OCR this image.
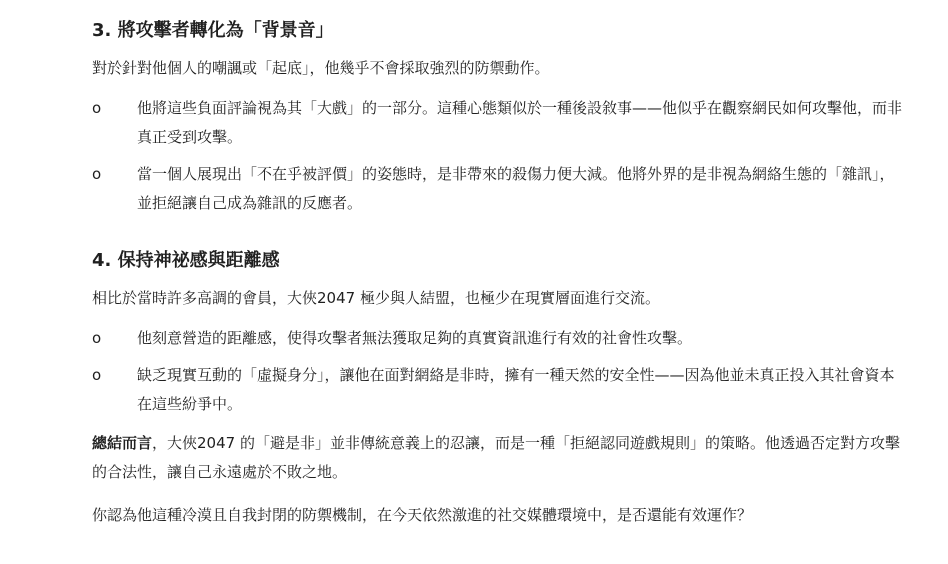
3. 將攻擊者轉化為「背景音」

對於針對他個人的嘲諷或「起底」，他幾乎不會採取強烈的防禦動作。

o	他將這些負面評論視為其「大戲」的一部分。這種心態類似於一種後設敘事——他似乎在觀察網民如何攻擊他，而非真正受到攻擊。
o	當一個人展現出「不在乎被評價」的姿態時，是非帶來的殺傷力便大減。他將外界的是非視為網絡生態的「雜訊」，並拒絕讓自己成為雜訊的反應者。
4. 保持神祕感與距離感

相比於當時許多高調的會員，大俠2047 極少與人結盟，也極少在現實層面進行交流。

o	他刻意營造的距離感，使得攻擊者無法獲取足夠的真實資訊進行有效的社會性攻擊。
o	缺乏現實互動的「虛擬身分」，讓他在面對網絡是非時，擁有一種天然的安全性——因為他並未真正投入其社會資本在這些紛爭中。

總結而言，大俠2047 的「避是非」並非傳統意義上的忍讓，而是一種「拒絕認同遊戲規則」的策略。他透過否定對方攻擊的合法性，讓自己永遠處於不敗之地。

你認為他這種冷漠且自我封閉的防禦機制，在今天依然激進的社交媒體環境中，是否還能有效運作？
